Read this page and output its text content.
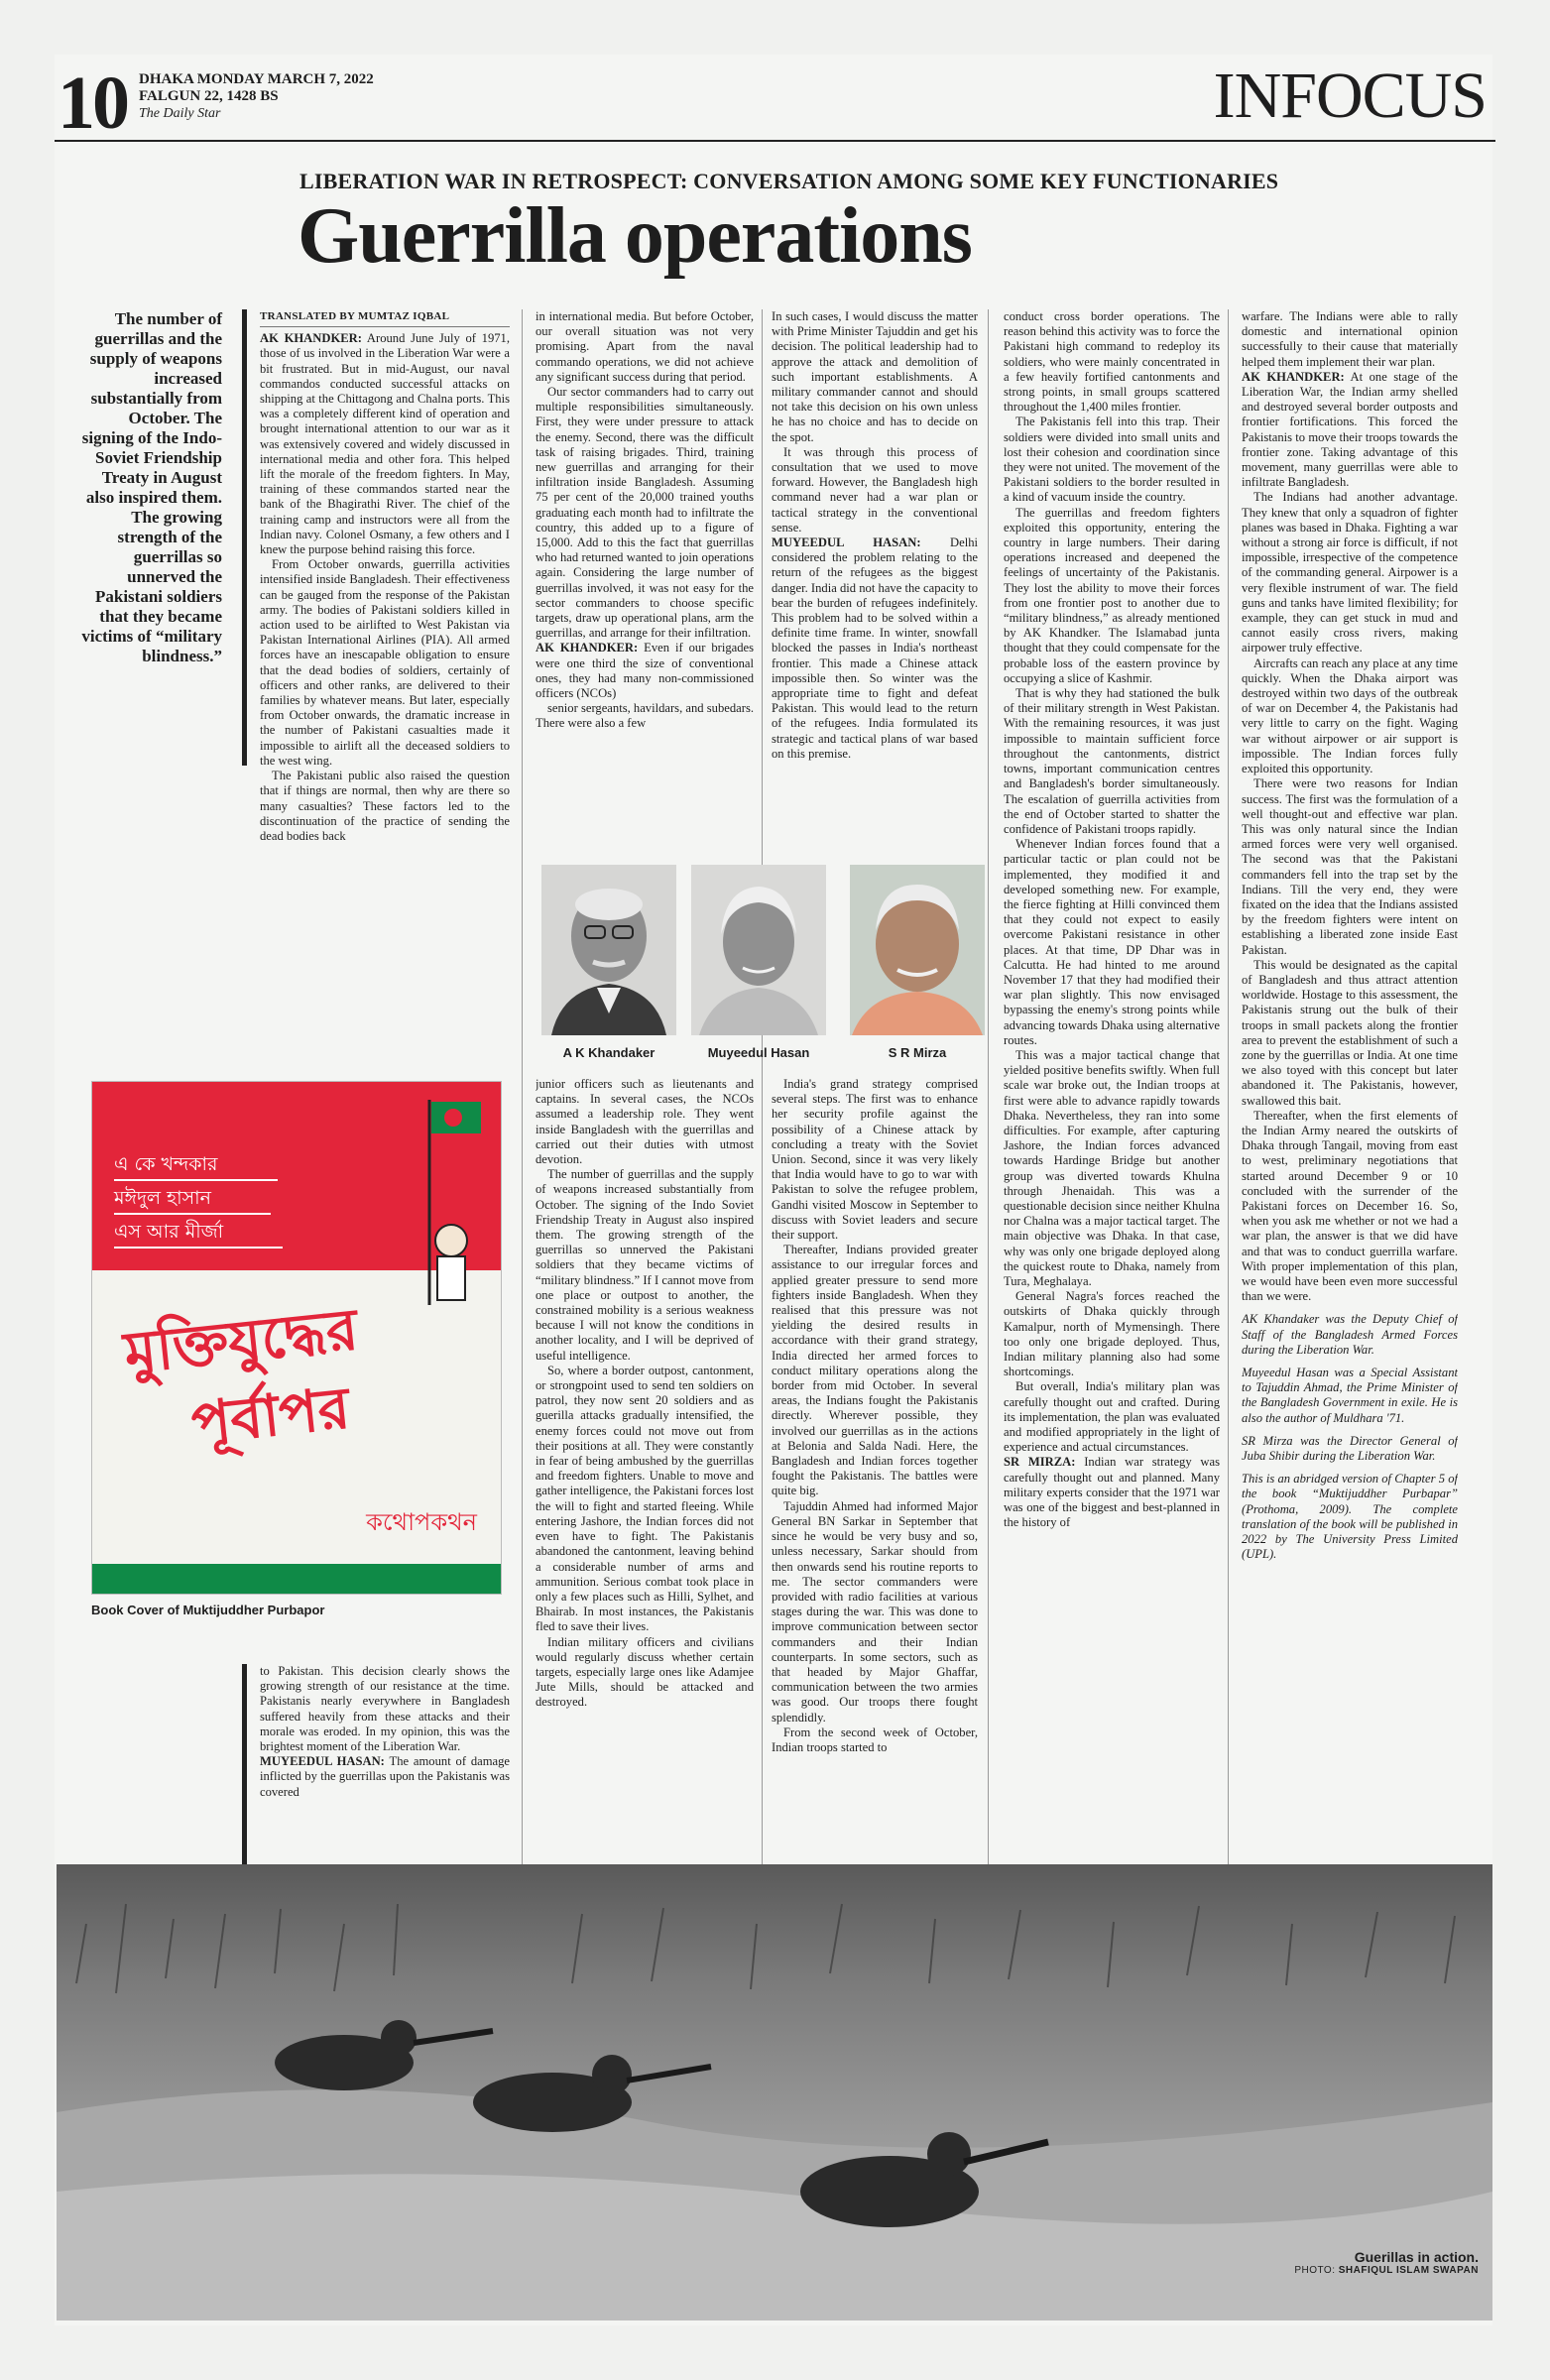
10 DHAKA MONDAY MARCH 7, 2022
FALGUN 22, 1428 BS
The Daily Star	INFOCUS
LIBERATION WAR IN RETROSPECT: CONVERSATION AMONG SOME KEY FUNCTIONARIES
Guerrilla operations
The number of guerrillas and the supply of weapons increased substantially from October. The signing of the Indo-Soviet Friendship Treaty in August also inspired them. The growing strength of the guerrillas so unnerved the Pakistani soldiers that they became victims of “military blindness.”

TRANSLATED BY MUMTAZ IQBAL

AK KHANDKER: Around June July of 1971, those of us involved in the Liberation War were a bit frustrated. But in mid-August, our naval commandos conducted successful attacks on shipping at the Chittagong and Chalna ports. This was a completely different kind of operation and brought international attention to our war as it was extensively covered and widely discussed in international media and other fora. This helped lift the morale of the freedom fighters. In May, training of these commandos started near the bank of the Bhagirathi River. The chief of the training camp and instructors were all from the Indian navy. Colonel Osmany, a few others and I knew the purpose behind raising this force.

From October onwards, guerrilla activities intensified inside Bangladesh. Their effectiveness can be gauged from the response of the Pakistan army. The bodies of Pakistani soldiers killed in action used to be airlifted to West Pakistan via Pakistan International Airlines (PIA). All armed forces have an inescapable obligation to ensure that the dead bodies of soldiers, certainly of officers and other ranks, are delivered to their families by whatever means. But later, especially from October onwards, the dramatic increase in the number of Pakistani casualties made it impossible to airlift all the deceased soldiers to the west wing.

The Pakistani public also raised the question that if things are normal, then why are there so many casualties? These factors led to the discontinuation of the practice of sending the dead bodies back

in international media. But before October, our overall situation was not very promising. Apart from the naval commando operations, we did not achieve any significant success during that period.

Our sector commanders had to carry out multiple responsibilities simultaneously. First, they were under pressure to attack the enemy. Second, there was the difficult task of raising brigades. Third, training new guerrillas and arranging for their infiltration inside Bangladesh. Assuming 75 per cent of the 20,000 trained youths graduating each month had to infiltrate the country, this added up to a figure of 15,000. Add to this the fact that guerrillas who had returned wanted to join operations again. Considering the large number of guerrillas involved, it was not easy for the sector commanders to choose specific targets, draw up operational plans, arm the guerrillas, and arrange for their infiltration.

AK KHANDKER: Even if our brigades were one third the size of conventional ones, they had many non-commissioned officers (NCOs)

senior sergeants, havildars, and subedars. There were also a few

In such cases, I would discuss the matter with Prime Minister Tajuddin and get his decision. The political leadership had to approve the attack and demolition of such important establishments. A military commander cannot and should not take this decision on his own unless he has no choice and has to decide on the spot.

It was through this process of consultation that we used to move forward. However, the Bangladesh high command never had a war plan or tactical strategy in the conventional sense.

MUYEEDUL HASAN: Delhi considered the problem relating to the return of the refugees as the biggest danger. India did not have the capacity to bear the burden of refugees indefinitely. This problem had to be solved within a definite time frame. In winter, snowfall blocked the passes in India's northeast frontier. This made a Chinese attack impossible then. So winter was the appropriate time to fight and defeat Pakistan. This would lead to the return of the refugees. India formulated its strategic and tactical plans of war based on this premise.

conduct cross border operations. The reason behind this activity was to force the Pakistani high command to redeploy its soldiers, who were mainly concentrated in a few heavily fortified cantonments and strong points, in small groups scattered throughout the 1,400 miles frontier.

The Pakistanis fell into this trap. Their soldiers were divided into small units and lost their cohesion and coordination since they were not united. The movement of the Pakistani soldiers to the border resulted in a kind of vacuum inside the country.

The guerrillas and freedom fighters exploited this opportunity, entering the country in large numbers. Their daring operations increased and deepened the feelings of uncertainty of the Pakistanis. They lost the ability to move their forces from one frontier post to another due to “military blindness,” as already mentioned by AK Khandker. The Islamabad junta thought that they could compensate for the probable loss of the eastern province by occupying a slice of Kashmir.

That is why they had stationed the bulk of their military strength in West Pakistan. With the remaining resources, it was just impossible to maintain sufficient force throughout the cantonments, district towns, important communication centres and Bangladesh's border simultaneously. The escalation of guerrilla activities from the end of October started to shatter the confidence of Pakistani troops rapidly.

Whenever Indian forces found that a particular tactic or plan could not be implemented, they modified it and developed something new. For example, the fierce fighting at Hilli convinced them that they could not expect to easily overcome Pakistani resistance in other places. At that time, DP Dhar was in Calcutta. He had hinted to me around November 17 that they had modified their war plan slightly. This now envisaged bypassing the enemy's strong points while advancing towards Dhaka using alternative routes.

This was a major tactical change that yielded positive benefits swiftly. When full scale war broke out, the Indian troops at first were able to advance rapidly towards Dhaka. Nevertheless, they ran into some difficulties. For example, after capturing Jashore, the Indian forces advanced towards Hardinge Bridge but another group was diverted towards Khulna through Jhenaidah. This was a questionable decision since neither Khulna nor Chalna was a major tactical target. The main objective was Dhaka. In that case, why was only one brigade deployed along the quickest route to Dhaka, namely from Tura, Meghalaya.

General Nagra's forces reached the outskirts of Dhaka quickly through Kamalpur, north of Mymensingh. There too only one brigade deployed. Thus, Indian military planning also had some shortcomings.

But overall, India's military plan was carefully thought out and crafted. During its implementation, the plan was evaluated and modified appropriately in the light of experience and actual circumstances.

SR MIRZA: Indian war strategy was carefully thought out and planned. Many military experts consider that the 1971 war was one of the biggest and best-planned in the history of

warfare. The Indians were able to rally domestic and international opinion successfully to their cause that materially helped them implement their war plan.

AK KHANDKER: At one stage of the Liberation War, the Indian army shelled and destroyed several border outposts and frontier fortifications. This forced the Pakistanis to move their troops towards the frontier zone. Taking advantage of this movement, many guerrillas were able to infiltrate Bangladesh.

The Indians had another advantage. They knew that only a squadron of fighter planes was based in Dhaka. Fighting a war without a strong air force is difficult, if not impossible, irrespective of the competence of the commanding general. Airpower is a very flexible instrument of war. The field guns and tanks have limited flexibility; for example, they can get stuck in mud and cannot easily cross rivers, making airpower truly effective.

Aircrafts can reach any place at any time quickly. When the Dhaka airport was destroyed within two days of the outbreak of war on December 4, the Pakistanis had very little to carry on the fight. Waging war without airpower or air support is impossible. The Indian forces fully exploited this opportunity.

There were two reasons for Indian success. The first was the formulation of a well thought-out and effective war plan. This was only natural since the Indian armed forces were very well organised. The second was that the Pakistani commanders fell into the trap set by the Indians. Till the very end, they were fixated on the idea that the Indians assisted by the freedom fighters were intent on establishing a liberated zone inside East Pakistan.

This would be designated as the capital of Bangladesh and thus attract attention worldwide. Hostage to this assessment, the Pakistanis strung out the bulk of their troops in small packets along the frontier area to prevent the establishment of such a zone by the guerrillas or India. At one time we also toyed with this concept but later abandoned it. The Pakistanis, however, swallowed this bait.

Thereafter, when the first elements of the Indian Army neared the outskirts of Dhaka through Tangail, moving from east to west, preliminary negotiations that started around December 9 or 10 concluded with the surrender of the Pakistani forces on December 16. So, when you ask me whether or not we had a war plan, the answer is that we did have and that was to conduct guerrilla warfare. With proper implementation of this plan, we would have been even more successful than we were.

AK Khandaker was the Deputy Chief of Staff of the Bangladesh Armed Forces during the Liberation War.

Muyeedul Hasan was a Special Assistant to Tajuddin Ahmad, the Prime Minister of the Bangladesh Government in exile. He is also the author of Muldhara '71.

SR Mirza was the Director General of Juba Shibir during the Liberation War.

This is an abridged version of Chapter 5 of the book “Muktijuddher Purbapar” (Prothoma, 2009). The complete translation of the book will be published in 2022 by The University Press Limited (UPL).

A K Khandaker	Muyeedul Hasan	S R Mirza

junior officers such as lieutenants and captains. In several cases, the NCOs assumed a leadership role. They went inside Bangladesh with the guerrillas and carried out their duties with utmost devotion.

The number of guerrillas and the supply of weapons increased substantially from October. The signing of the Indo Soviet Friendship Treaty in August also inspired them. The growing strength of the guerrillas so unnerved the Pakistani soldiers that they became victims of “military blindness.” If I cannot move from one place or outpost to another, the constrained mobility is a serious weakness because I will not know the conditions in another locality, and I will be deprived of useful intelligence.

So, where a border outpost, cantonment, or strongpoint used to send ten soldiers on patrol, they now sent 20 soldiers and as guerilla attacks gradually intensified, the enemy forces could not move out from their positions at all. They were constantly in fear of being ambushed by the guerrillas and freedom fighters. Unable to move and gather intelligence, the Pakistani forces lost the will to fight and started fleeing. While entering Jashore, the Indian forces did not even have to fight. The Pakistanis abandoned the cantonment, leaving behind a considerable number of arms and ammunition. Serious combat took place in only a few places such as Hilli, Sylhet, and Bhairab. In most instances, the Pakistanis fled to save their lives.

Indian military officers and civilians would regularly discuss whether certain targets, especially large ones like Adamjee Jute Mills, should be attacked and destroyed.

India's grand strategy comprised several steps. The first was to enhance her security profile against the possibility of a Chinese attack by concluding a treaty with the Soviet Union. Second, since it was very likely that India would have to go to war with Pakistan to solve the refugee problem, Gandhi visited Moscow in September to discuss with Soviet leaders and secure their support.

Thereafter, Indians provided greater assistance to our irregular forces and applied greater pressure to send more fighters inside Bangladesh. When they realised that this pressure was not yielding the desired results in accordance with their grand strategy, India directed her armed forces to conduct military operations along the border from mid October. In several areas, the Indians fought the Pakistanis directly. Wherever possible, they involved our guerrillas as in the actions at Belonia and Salda Nadi. Here, the Bangladesh and Indian forces together fought the Pakistanis. The battles were quite big.

Tajuddin Ahmed had informed Major General BN Sarkar in September that since he would be very busy and so, unless necessary, Sarkar should from then onwards send his routine reports to me. The sector commanders were provided with radio facilities at various stages during the war. This was done to improve communication between sector commanders and their Indian counterparts. In some sectors, such as that headed by Major Ghaffar, communication between the two armies was good. Our troops there fought splendidly.

From the second week of October, Indian troops started to

এ কে খন্দকার
মঈদুল হাসান
এস আর মীর্জা
মুক্তিযুদ্ধের
পূর্বাপর
কথোপকথন
Book Cover of Muktijuddher Purbapor

to Pakistan. This decision clearly shows the growing strength of our resistance at the time. Pakistanis nearly everywhere in Bangladesh suffered heavily from these attacks and their morale was eroded. In my opinion, this was the brightest moment of the Liberation War.

MUYEEDUL HASAN: The amount of damage inflicted by the guerrillas upon the Pakistanis was covered

Guerillas in action.
PHOTO: SHAFIQUL ISLAM SWAPAN
